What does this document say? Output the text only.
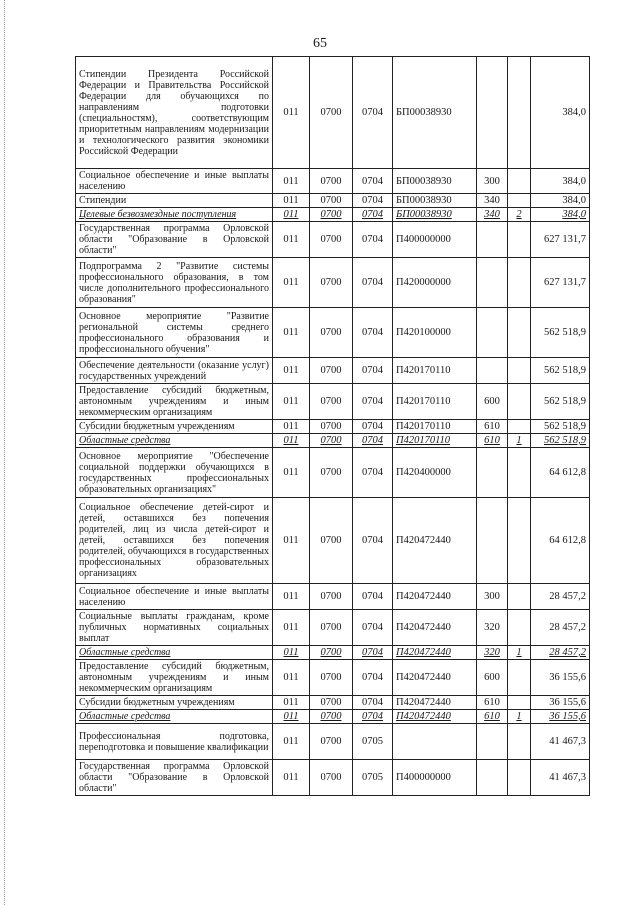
65
Стипендии Президента Российской Федерации и Правительства Российской Федерации для обучающихся по направлениям подготовки (специальностям), соответствующим приоритетным направлениям модернизации и технологического развития экономики Российской Федерации	011	0700	0704	БП00038930			384,0
Социальное обеспечение и иные выплаты населению	011	0700	0704	БП00038930	300		384,0
Стипендии	011	0700	0704	БП00038930	340		384,0
Целевые безвозмездные поступления	011	0700	0704	БП00038930	340	2	384,0
Государственная программа Орловской области "Образование в Орловской области"	011	0700	0704	П400000000			627 131,7
Подпрограмма 2 "Развитие системы профессионального образования, в том числе дополнительного профессионального образования"	011	0700	0704	П420000000			627 131,7
Основное мероприятие "Развитие региональной системы среднего профессионального образования и профессионального обучения"	011	0700	0704	П420100000			562 518,9
Обеспечение деятельности (оказание услуг) государственных учреждений	011	0700	0704	П420170110			562 518,9
Предоставление субсидий бюджетным, автономным учреждениям и иным некоммерческим организациям	011	0700	0704	П420170110	600		562 518,9
Субсидии бюджетным учреждениям	011	0700	0704	П420170110	610		562 518,9
Областные средства	011	0700	0704	П420170110	610	1	562 518,9
Основное мероприятие "Обеспечение социальной поддержки обучающихся в государственных профессиональных образовательных организациях"	011	0700	0704	П420400000			64 612,8
Социальное обеспечение детей-сирот и детей, оставшихся без попечения родителей, лиц из числа детей-сирот и детей, оставшихся без попечения родителей, обучающихся в государственных профессиональных образовательных организациях	011	0700	0704	П420472440			64 612,8
Социальное обеспечение и иные выплаты населению	011	0700	0704	П420472440	300		28 457,2
Социальные выплаты гражданам, кроме публичных нормативных социальных выплат	011	0700	0704	П420472440	320		28 457,2
Областные средства	011	0700	0704	П420472440	320	1	28 457,2
Предоставление субсидий бюджетным, автономным учреждениям и иным некоммерческим организациям	011	0700	0704	П420472440	600		36 155,6
Субсидии бюджетным учреждениям	011	0700	0704	П420472440	610		36 155,6
Областные средства	011	0700	0704	П420472440	610	1	36 155,6
Профессиональная подготовка, переподготовка и повышение квалификации	011	0700	0705				41 467,3
Государственная программа Орловской области "Образование в Орловской области"	011	0700	0705	П400000000			41 467,3
